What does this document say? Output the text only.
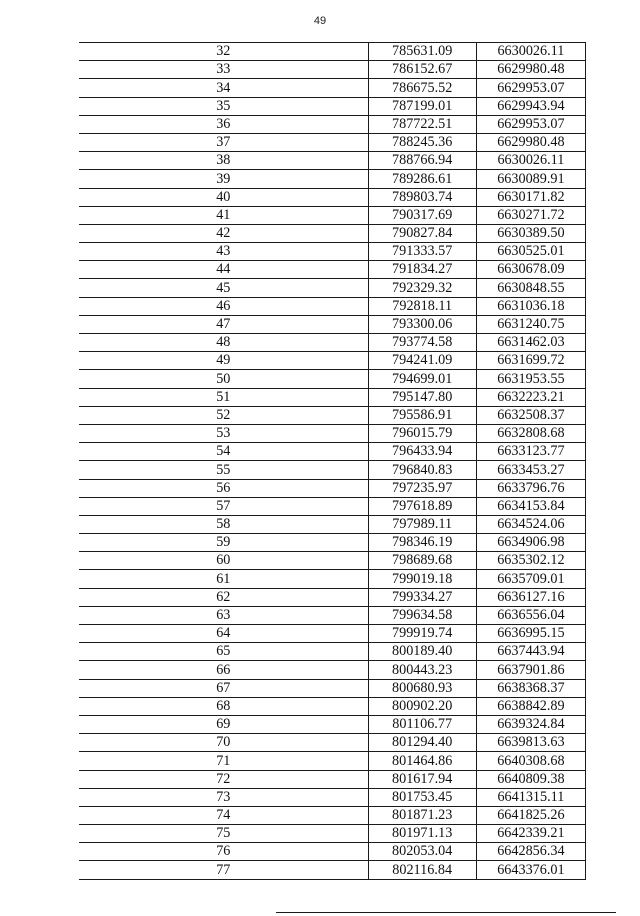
49
32	785631.09	6630026.11
33	786152.67	6629980.48
34	786675.52	6629953.07
35	787199.01	6629943.94
36	787722.51	6629953.07
37	788245.36	6629980.48
38	788766.94	6630026.11
39	789286.61	6630089.91
40	789803.74	6630171.82
41	790317.69	6630271.72
42	790827.84	6630389.50
43	791333.57	6630525.01
44	791834.27	6630678.09
45	792329.32	6630848.55
46	792818.11	6631036.18
47	793300.06	6631240.75
48	793774.58	6631462.03
49	794241.09	6631699.72
50	794699.01	6631953.55
51	795147.80	6632223.21
52	795586.91	6632508.37
53	796015.79	6632808.68
54	796433.94	6633123.77
55	796840.83	6633453.27
56	797235.97	6633796.76
57	797618.89	6634153.84
58	797989.11	6634524.06
59	798346.19	6634906.98
60	798689.68	6635302.12
61	799019.18	6635709.01
62	799334.27	6636127.16
63	799634.58	6636556.04
64	799919.74	6636995.15
65	800189.40	6637443.94
66	800443.23	6637901.86
67	800680.93	6638368.37
68	800902.20	6638842.89
69	801106.77	6639324.84
70	801294.40	6639813.63
71	801464.86	6640308.68
72	801617.94	6640809.38
73	801753.45	6641315.11
74	801871.23	6641825.26
75	801971.13	6642339.21
76	802053.04	6642856.34
77	802116.84	6643376.01
